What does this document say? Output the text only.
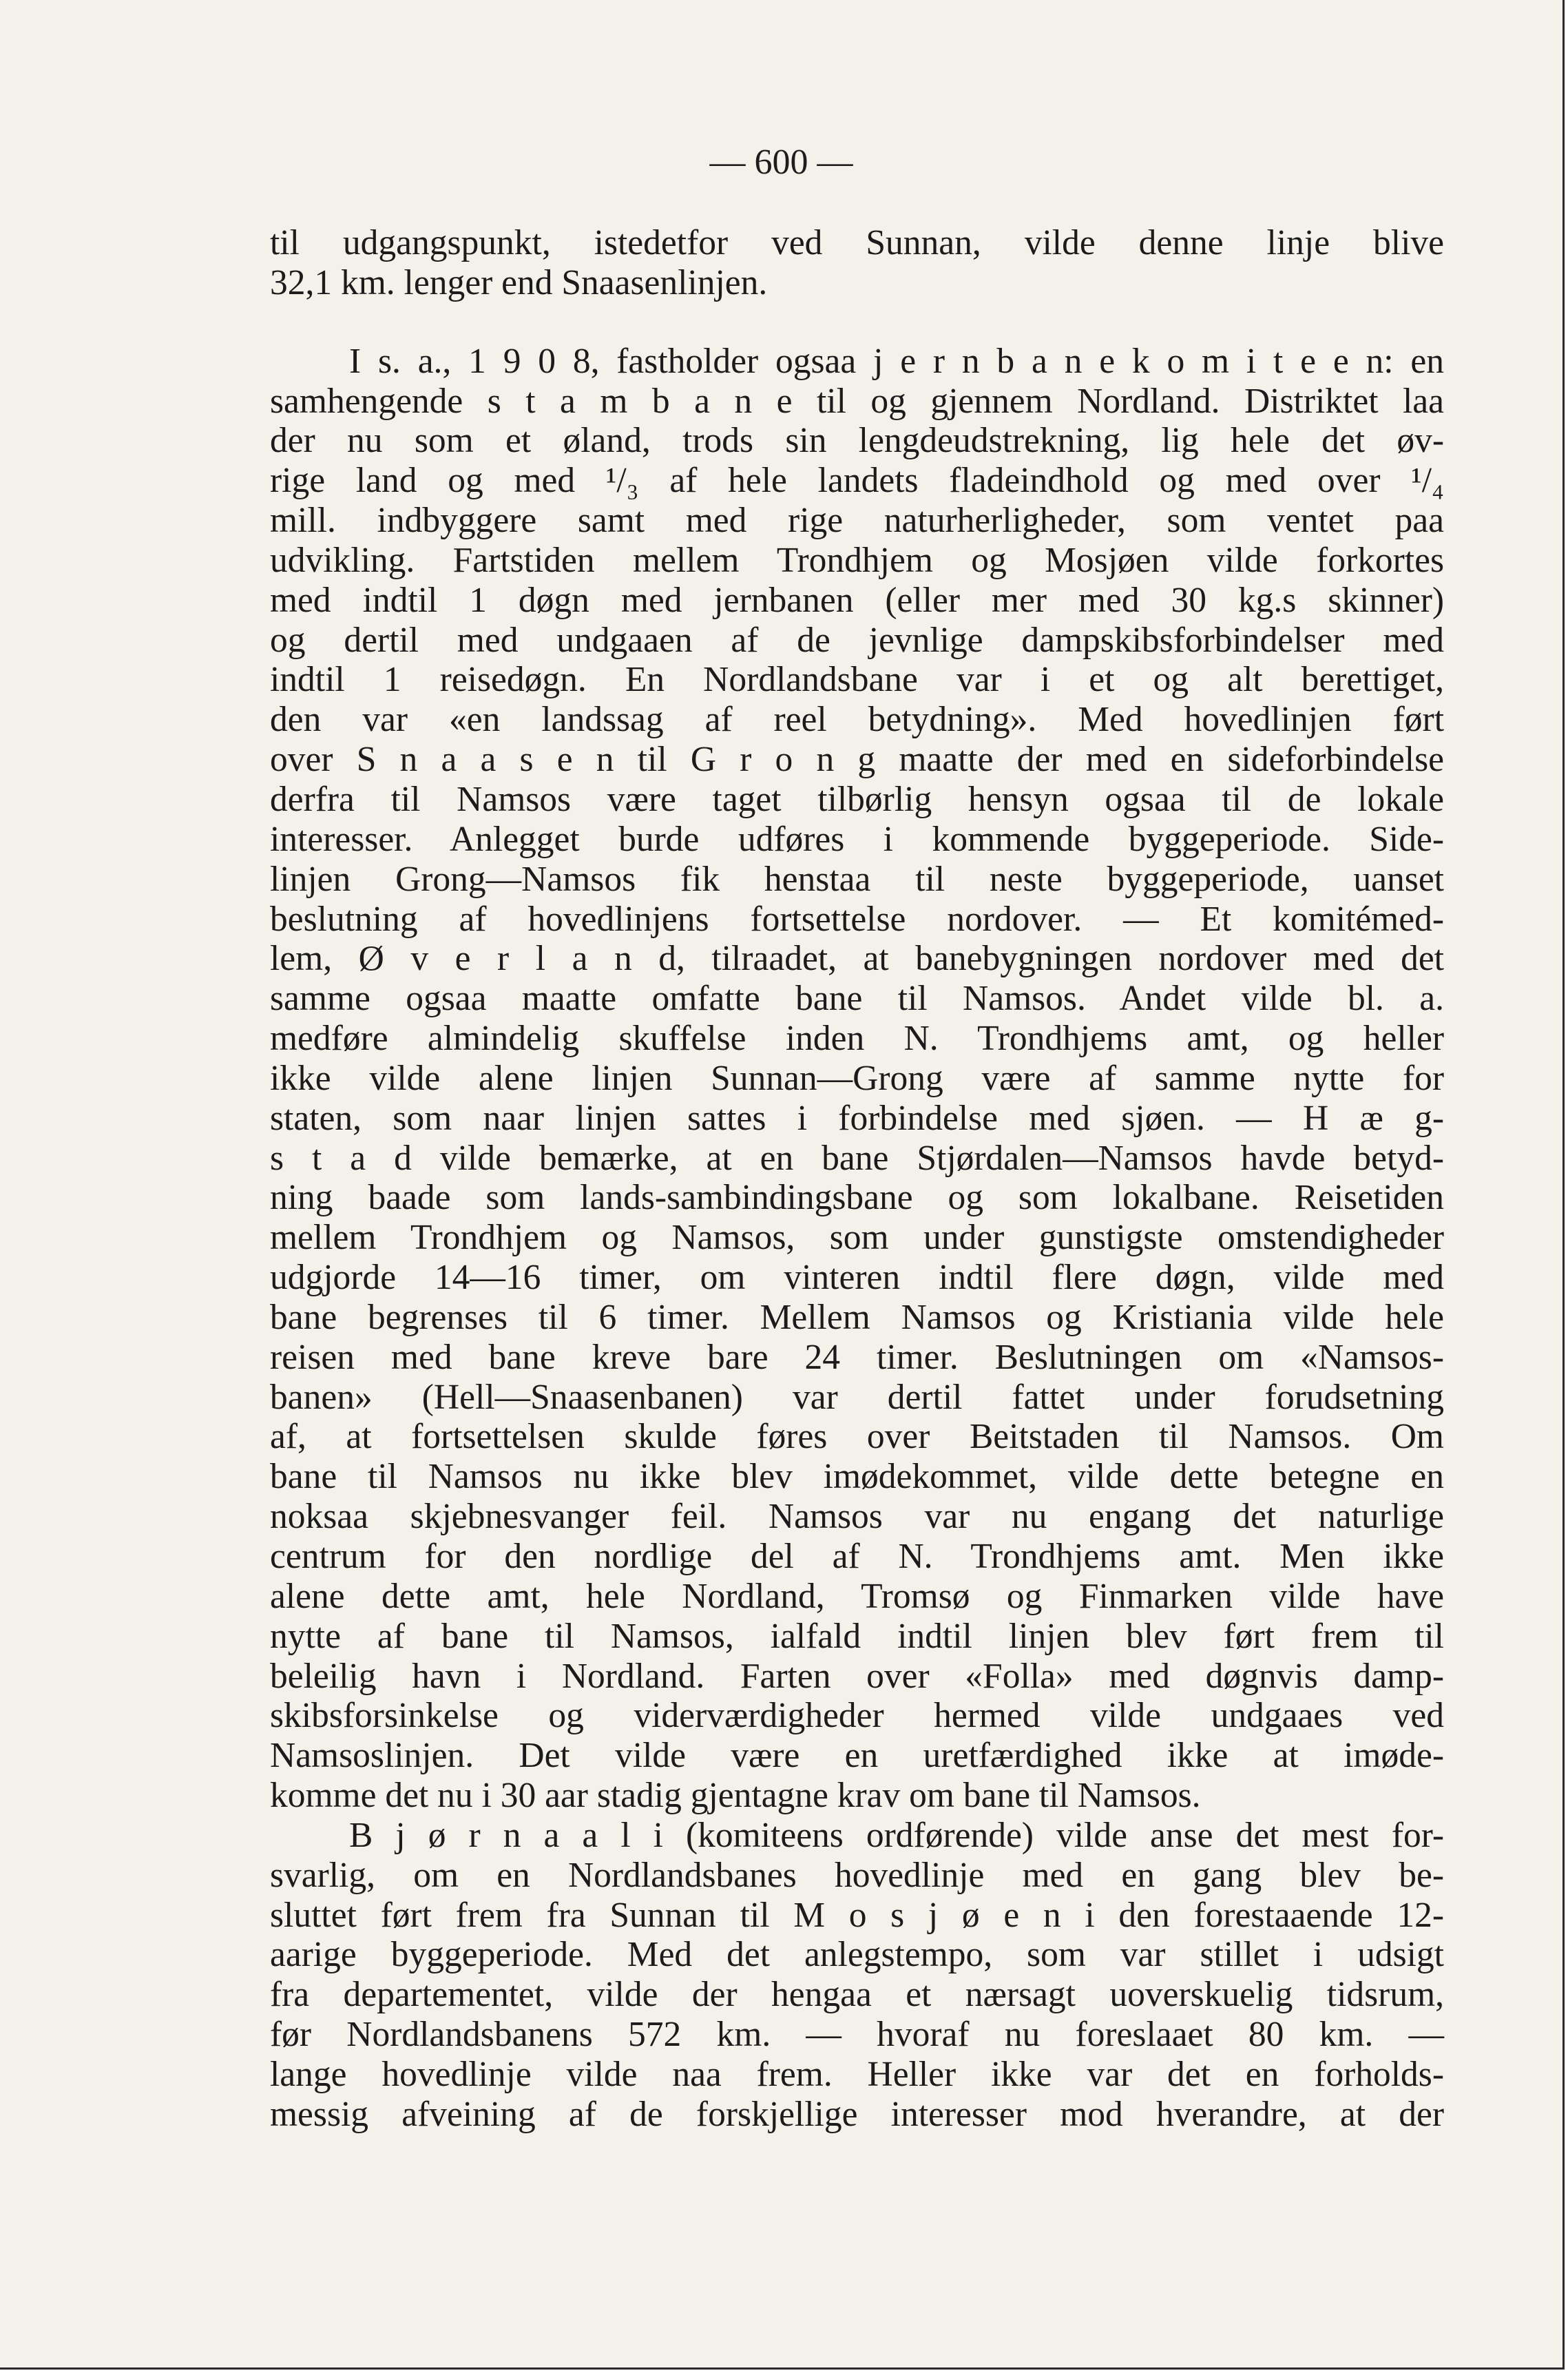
— 600 —
til udgangspunkt, istedetfor ved Sunnan, vilde denne linje blive
32,1 km. lenger end Snaasenlinjen.
I s. a., 1 9 0 8, fastholder ogsaa j e r n b a n e k o m i t e e n: en
samhengende s t a m b a n e til og gjennem Nordland. Distriktet laa
der nu som et øland, trods sin lengdeudstrekning, lig hele det øv-
rige land og med ¹/₃ af hele landets fladeindhold og med over ¹/₄
mill. indbyggere samt med rige naturherligheder, som ventet paa
udvikling. Fartstiden mellem Trondhjem og Mosjøen vilde forkortes
med indtil 1 døgn med jernbanen (eller mer med 30 kg.s skinner)
og dertil med undgaaen af de jevnlige dampskibsforbindelser med
indtil 1 reisedøgn. En Nordlandsbane var i et og alt berettiget,
den var «en landssag af reel betydning». Med hovedlinjen ført
over S n a a s e n til G r o n g maatte der med en sideforbindelse
derfra til Namsos være taget tilbørlig hensyn ogsaa til de lokale
interesser. Anlegget burde udføres i kommende byggeperiode. Side-
linjen Grong—Namsos fik henstaa til neste byggeperiode, uanset
beslutning af hovedlinjens fortsettelse nordover. — Et komitémed-
lem, Ø v e r l a n d, tilraadet, at banebygningen nordover med det
samme ogsaa maatte omfatte bane til Namsos. Andet vilde bl. a.
medføre almindelig skuffelse inden N. Trondhjems amt, og heller
ikke vilde alene linjen Sunnan—Grong være af samme nytte for
staten, som naar linjen sattes i forbindelse med sjøen. — H æ g-
s t a d vilde bemærke, at en bane Stjørdalen—Namsos havde betyd-
ning baade som lands-sambindingsbane og som lokalbane. Reisetiden
mellem Trondhjem og Namsos, som under gunstigste omstendigheder
udgjorde 14—16 timer, om vinteren indtil flere døgn, vilde med
bane begrenses til 6 timer. Mellem Namsos og Kristiania vilde hele
reisen med bane kreve bare 24 timer. Beslutningen om «Namsos-
banen» (Hell—Snaasenbanen) var dertil fattet under forudsetning
af, at fortsettelsen skulde føres over Beitstaden til Namsos. Om
bane til Namsos nu ikke blev imødekommet, vilde dette betegne en
noksaa skjebnesvanger feil. Namsos var nu engang det naturlige
centrum for den nordlige del af N. Trondhjems amt. Men ikke
alene dette amt, hele Nordland, Tromsø og Finmarken vilde have
nytte af bane til Namsos, ialfald indtil linjen blev ført frem til
beleilig havn i Nordland. Farten over «Folla» med døgnvis damp-
skibsforsinkelse og viderværdigheder hermed vilde undgaaes ved
Namsoslinjen. Det vilde være en uretfærdighed ikke at imøde-
komme det nu i 30 aar stadig gjentagne krav om bane til Namsos.
B j ø r n a a l i (komiteens ordførende) vilde anse det mest for-
svarlig, om en Nordlandsbanes hovedlinje med en gang blev be-
sluttet ført frem fra Sunnan til M o s j ø e n i den forestaaende 12-
aarige byggeperiode. Med det anlegstempo, som var stillet i udsigt
fra departementet, vilde der hengaa et nærsagt uoverskuelig tidsrum,
før Nordlandsbanens 572 km. — hvoraf nu foreslaaet 80 km. —
lange hovedlinje vilde naa frem. Heller ikke var det en forholds-
messig afveining af de forskjellige interesser mod hverandre, at der
